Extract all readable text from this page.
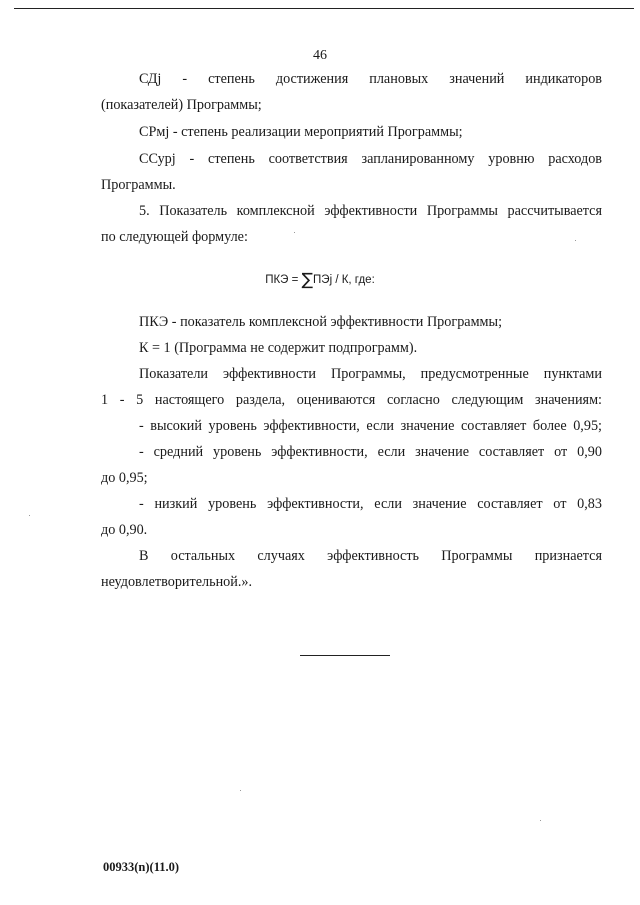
46
СДj - степень достижения плановых значений индикаторов
(показателей) Программы;
СРмj - степень реализации мероприятий Программы;
ССурj - степень соответствия запланированному уровню расходов
Программы.
5. Показатель комплексной эффективности Программы рассчитывается
по следующей формуле:
ПКЭ = ∑ПЭj / К, где:
ПКЭ - показатель комплексной эффективности Программы;
К = 1 (Программа не содержит подпрограмм).
Показатели эффективности Программы, предусмотренные пунктами
1 - 5 настоящего раздела, оцениваются согласно следующим значениям:
- высокий уровень эффективности, если значение составляет более 0,95;
- средний уровень эффективности, если значение составляет от 0,90
до 0,95;
- низкий уровень эффективности, если значение составляет от 0,83
до 0,90.
В остальных случаях эффективность Программы признается
неудовлетворительной.».
00933(n)(11.0)
